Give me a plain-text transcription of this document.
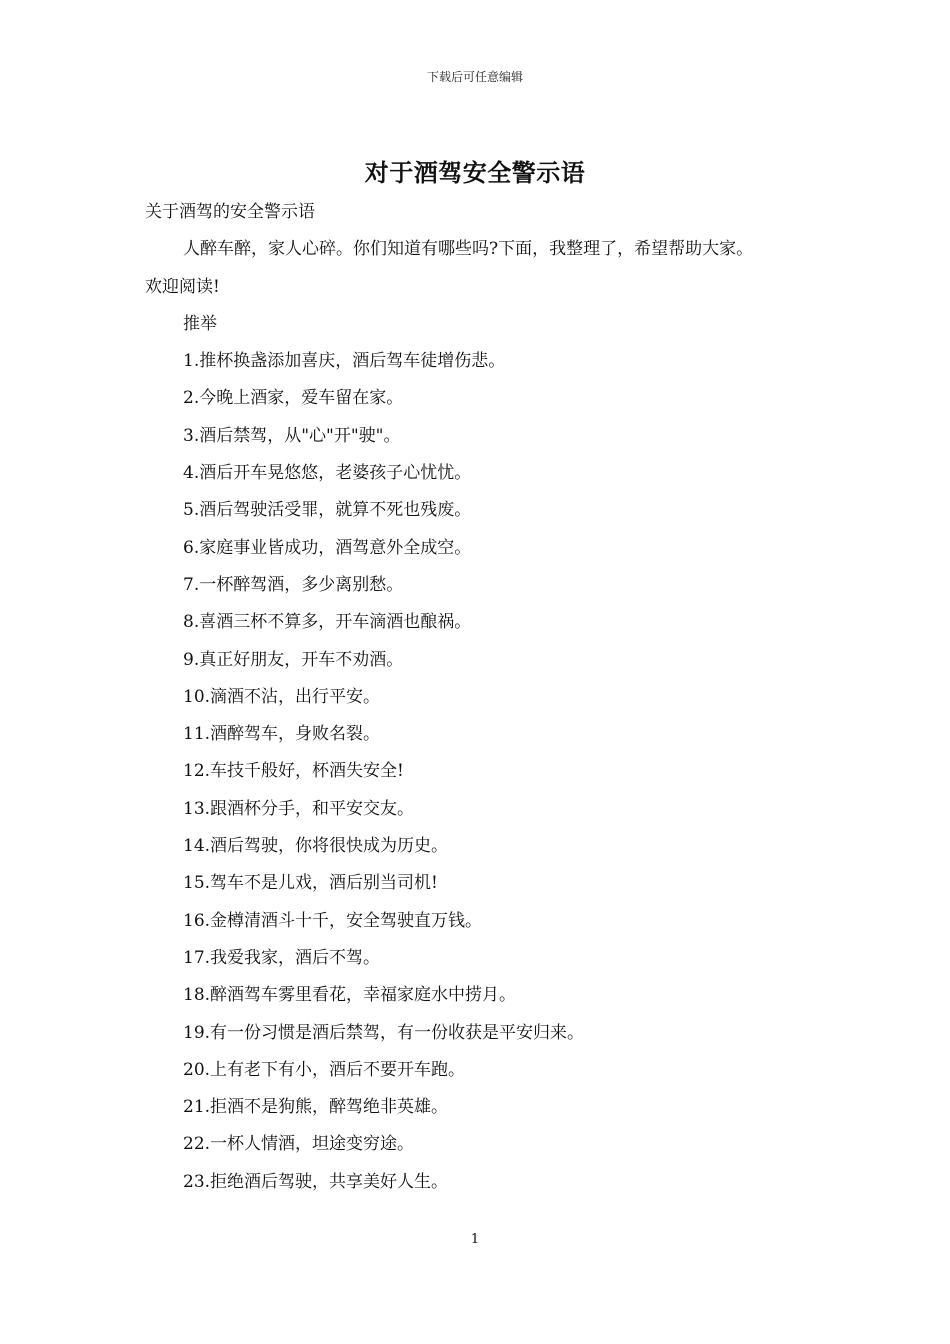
下载后可任意编辑
对于酒驾安全警示语
关于酒驾的安全警示语
人醉车醉，家人心碎。你们知道有哪些吗?下面，我整理了，希望帮助大家。
欢迎阅读!
推举
1.推杯换盏添加喜庆，酒后驾车徒增伤悲。
2.今晚上酒家，爱车留在家。
3.酒后禁驾，从"心"开"驶"。
4.酒后开车晃悠悠，老婆孩子心忧忧。
5.酒后驾驶活受罪，就算不死也残废。
6.家庭事业皆成功，酒驾意外全成空。
7.一杯醉驾酒，多少离别愁。
8.喜酒三杯不算多，开车滴酒也酿祸。
9.真正好朋友，开车不劝酒。
10.滴酒不沾，出行平安。
11.酒醉驾车，身败名裂。
12.车技千般好，杯酒失安全!
13.跟酒杯分手，和平安交友。
14.酒后驾驶，你将很快成为历史。
15.驾车不是儿戏，酒后别当司机!
16.金樽清酒斗十千，安全驾驶直万钱。
17.我爱我家，酒后不驾。
18.醉酒驾车雾里看花，幸福家庭水中捞月。
19.有一份习惯是酒后禁驾，有一份收获是平安归来。
20.上有老下有小，酒后不要开车跑。
21.拒酒不是狗熊，醉驾绝非英雄。
22.一杯人情酒，坦途变穷途。
23.拒绝酒后驾驶，共享美好人生。
1
